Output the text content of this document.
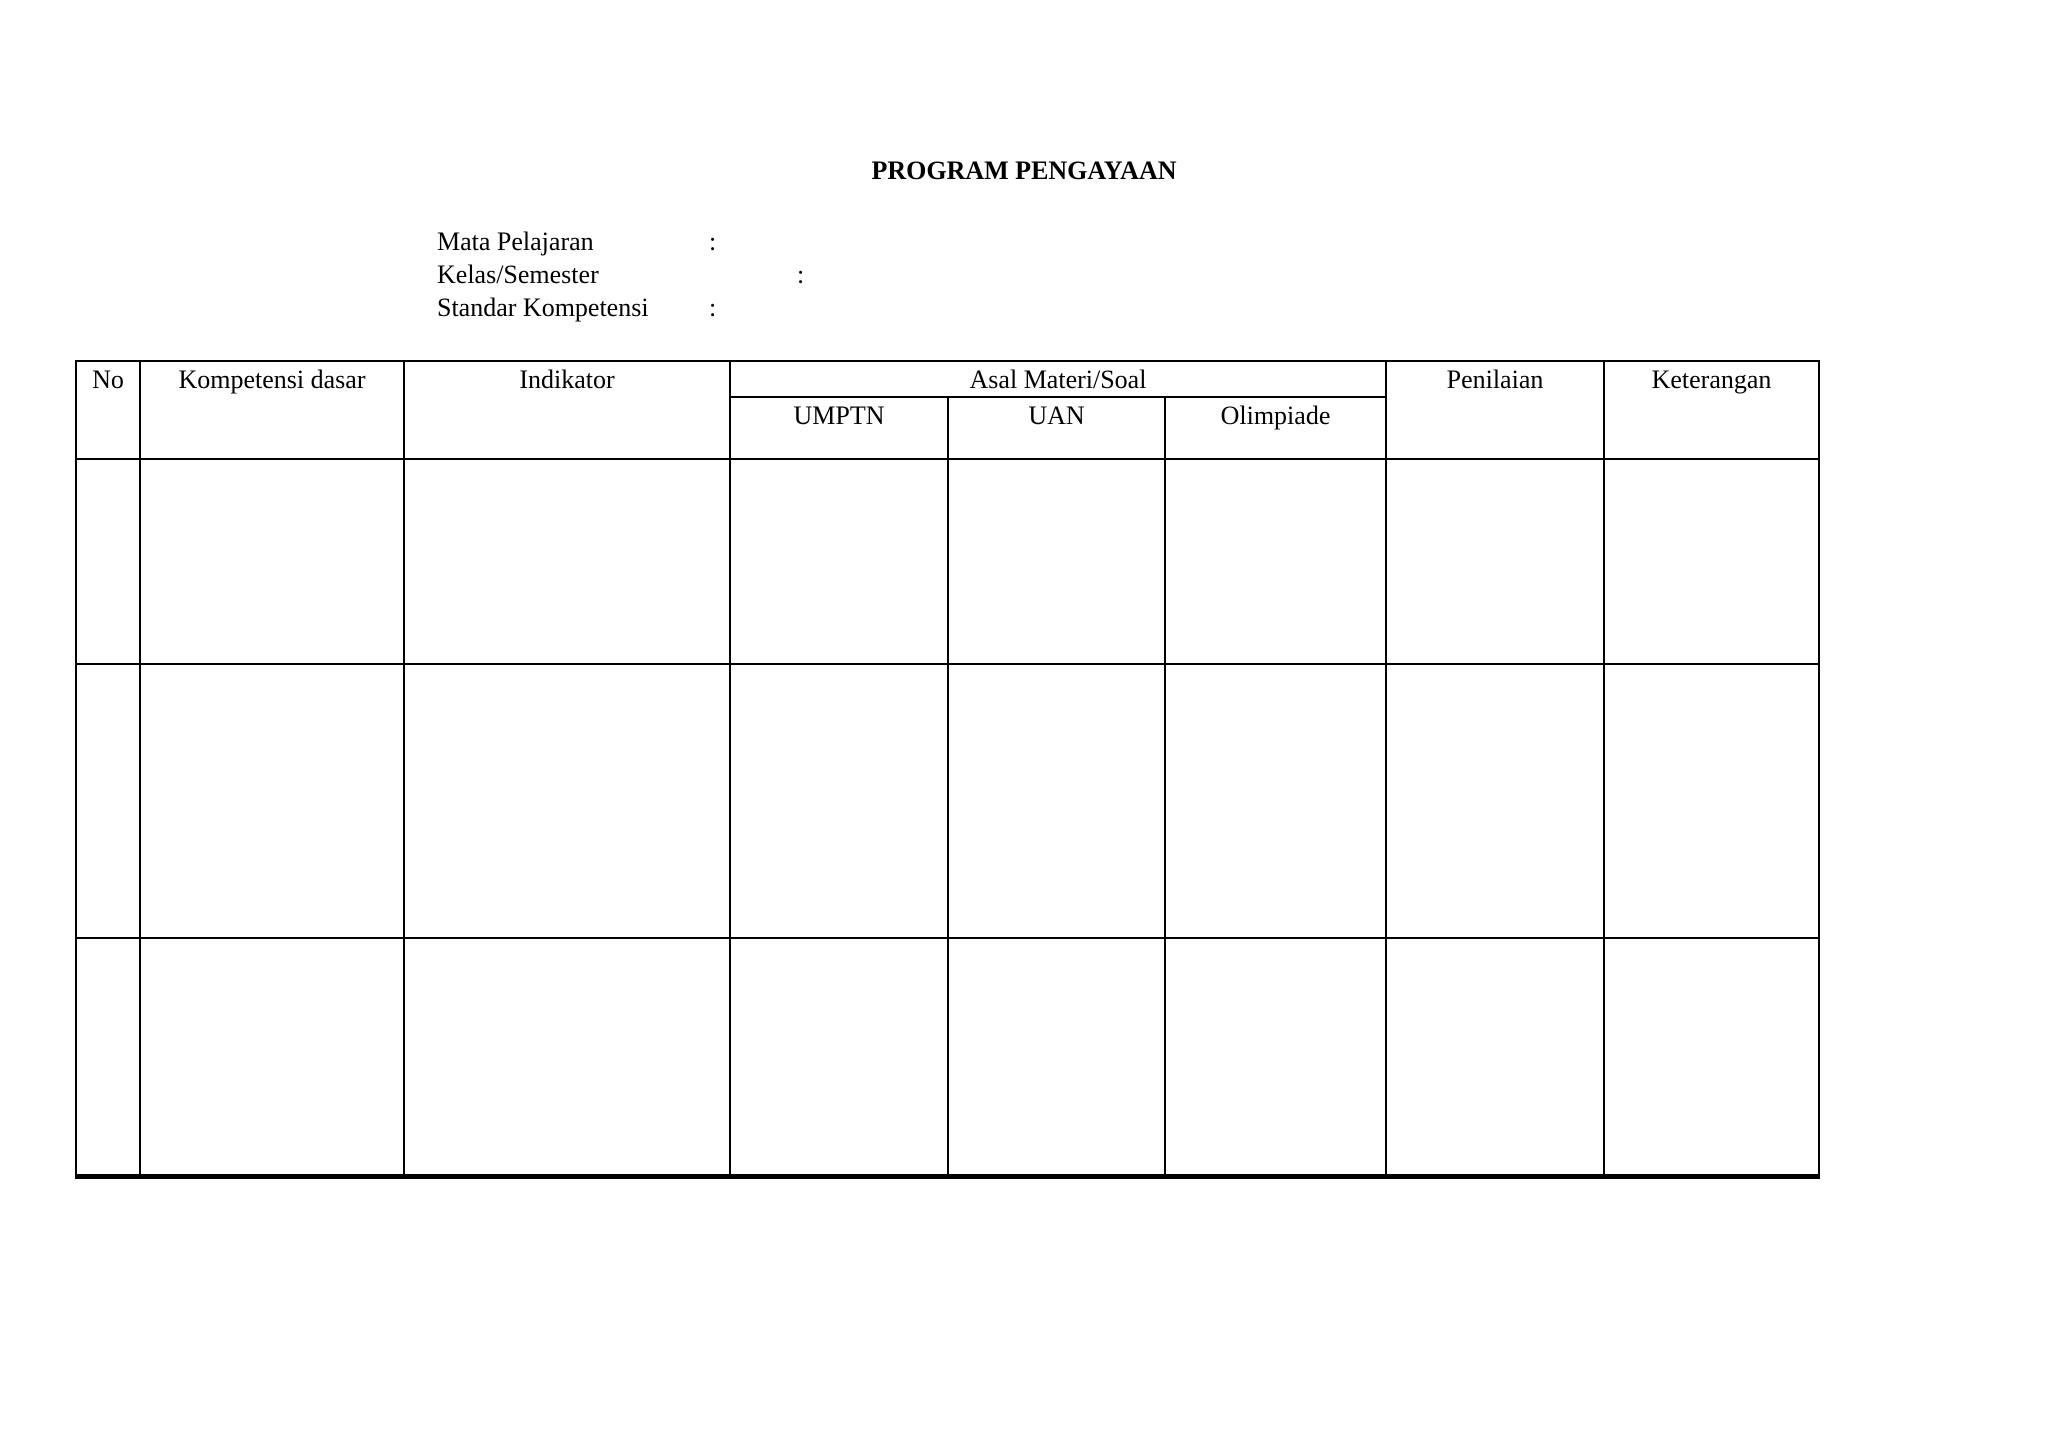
PROGRAM PENGAYAAN
Mata Pelajaran	:
Kelas/Semester	:
Standar Kompetensi :
No	Kompetensi dasar	Indikator	Asal Materi/Soal			Penilaian	Keterangan
			UMPTN	UAN	Olimpiade		
